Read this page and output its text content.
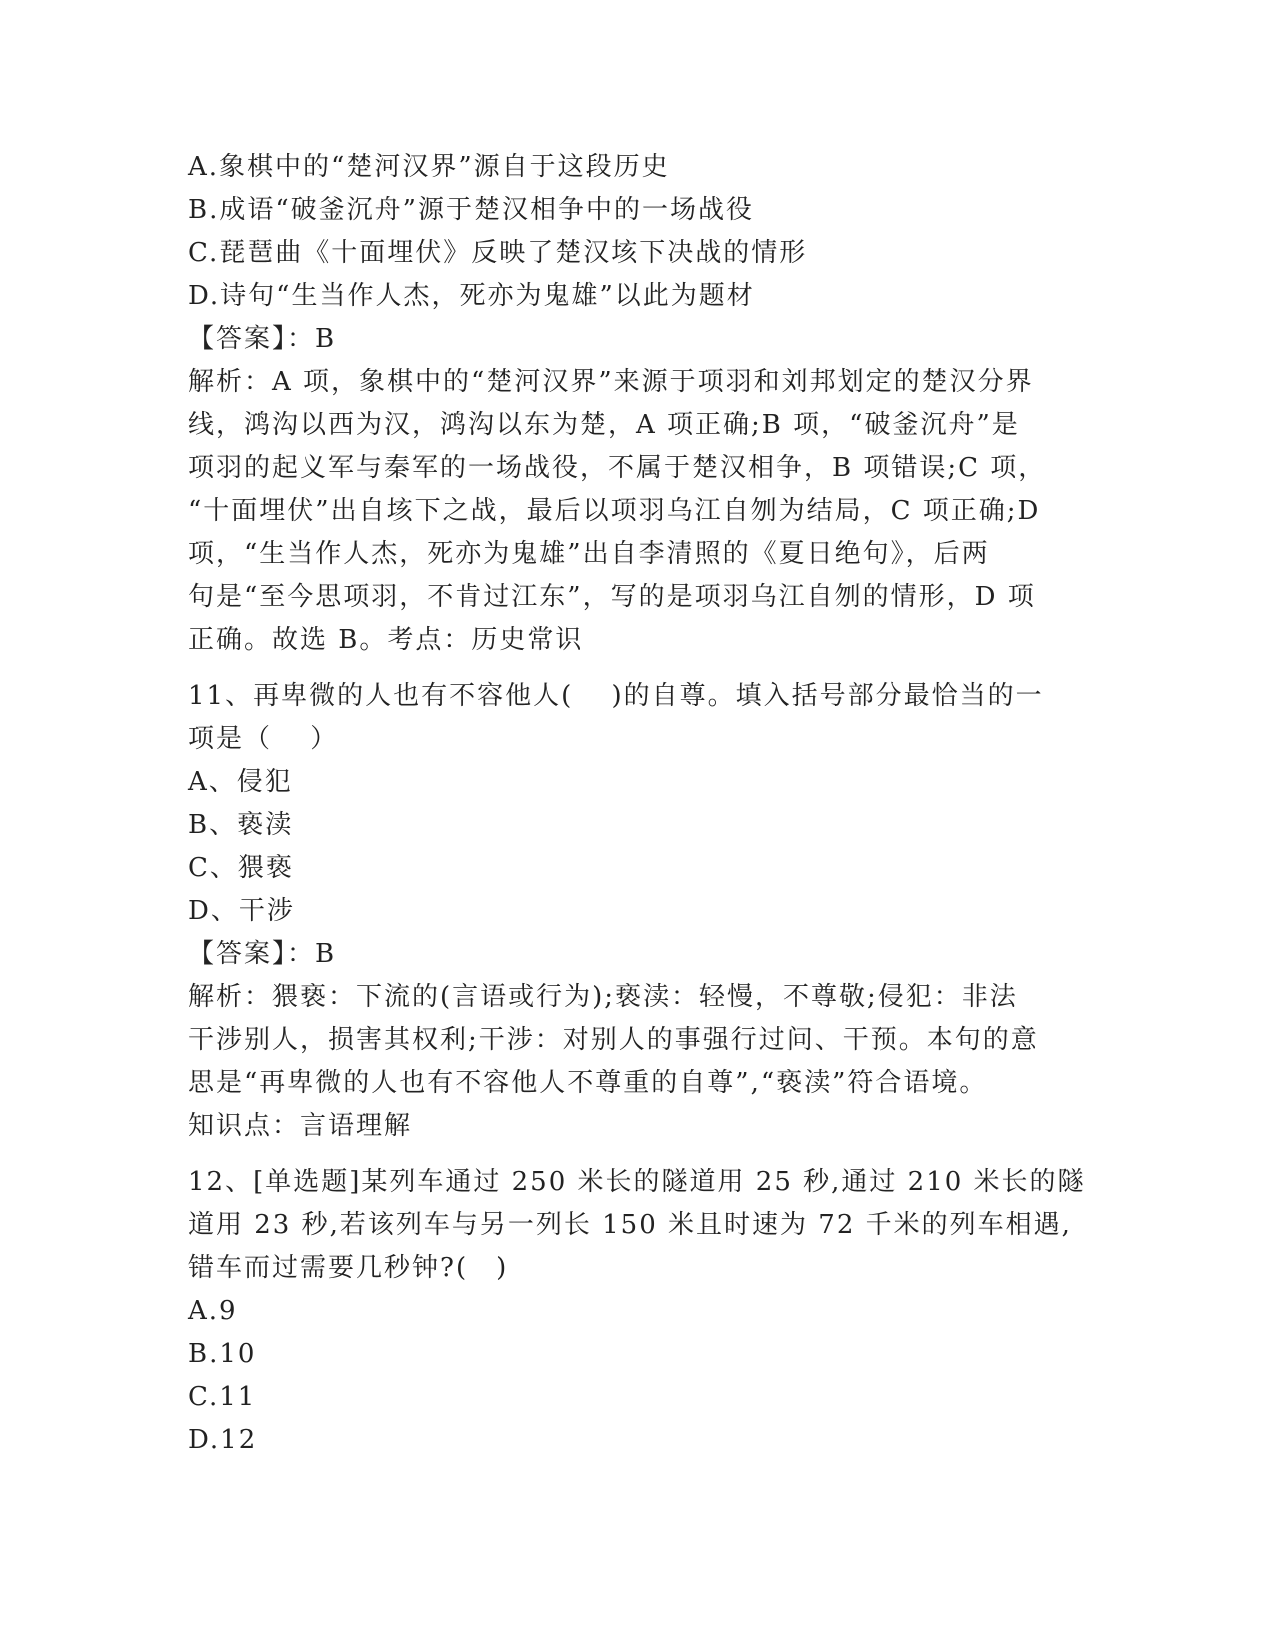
A.象棋中的“楚河汉界”源自于这段历史
B.成语“破釜沉舟”源于楚汉相争中的一场战役
C.琵琶曲《十面埋伏》反映了楚汉垓下决战的情形
D.诗句“生当作人杰，死亦为鬼雄”以此为题材
【答案】：B
解析：A 项，象棋中的“楚河汉界”来源于项羽和刘邦划定的楚汉分界
线，鸿沟以西为汉，鸿沟以东为楚，A 项正确;B 项，“破釜沉舟”是
项羽的起义军与秦军的一场战役，不属于楚汉相争，B 项错误;C 项，
“十面埋伏”出自垓下之战，最后以项羽乌江自刎为结局，C 项正确;D
项，“生当作人杰，死亦为鬼雄”出自李清照的《夏日绝句》，后两
句是“至今思项羽，不肯过江东”，写的是项羽乌江自刎的情形，D 项
正确。故选 B。考点：历史常识
11、再卑微的人也有不容他人(　 )的自尊。填入括号部分最恰当的一
项是（　 ）
A、侵犯
B、亵渎
C、猥亵
D、干涉
【答案】：B
解析：猥亵：下流的(言语或行为);亵渎：轻慢，不尊敬;侵犯：非法
干涉别人，损害其权利;干涉：对别人的事强行过问、干预。本句的意
思是“再卑微的人也有不容他人不尊重的自尊”,“亵渎”符合语境。
知识点：言语理解
12、[单选题]某列车通过 250 米长的隧道用 25 秒,通过 210 米长的隧
道用 23 秒,若该列车与另一列长 150 米且时速为 72 千米的列车相遇,
错车而过需要几秒钟?(　)
A.9
B.10
C.11
D.12
